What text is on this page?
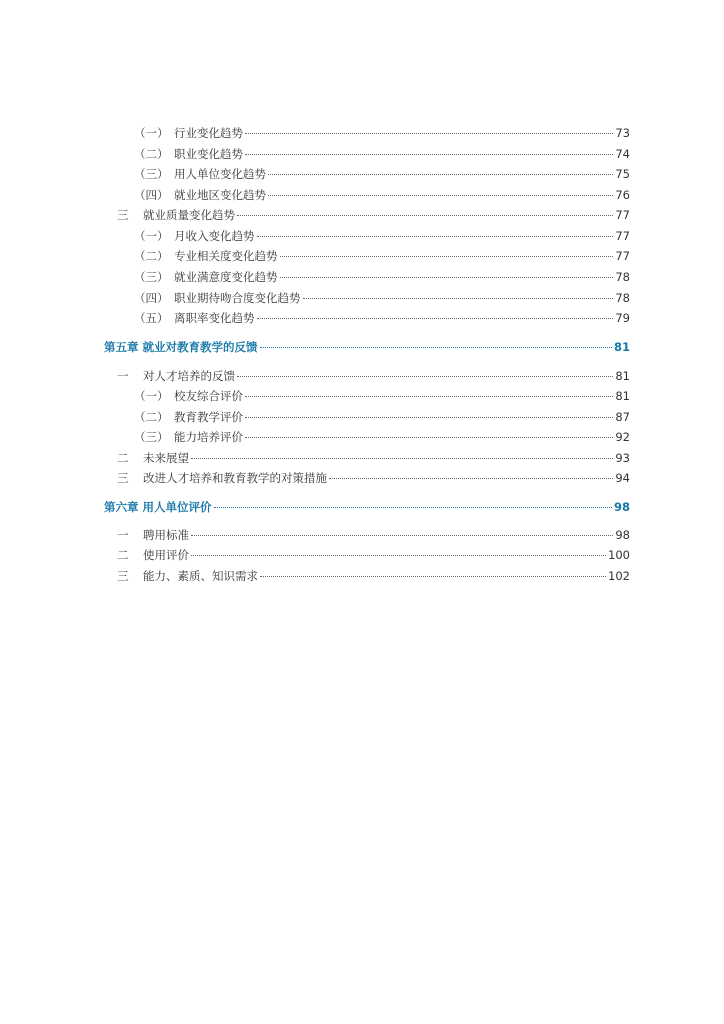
（一） 行业变化趋势	73
（二） 职业变化趋势	74
（三） 用人单位变化趋势	75
（四） 就业地区变化趋势	76
三	就业质量变化趋势	77
（一） 月收入变化趋势	77
（二） 专业相关度变化趋势	77
（三） 就业满意度变化趋势	78
（四） 职业期待吻合度变化趋势	78
（五） 离职率变化趋势	79
第五章 就业对教育教学的反馈	81
一	对人才培养的反馈	81
（一） 校友综合评价	81
（二） 教育教学评价	87
（三） 能力培养评价	92
二	未来展望	93
三	改进人才培养和教育教学的对策措施	94
第六章 用人单位评价	98
一	聘用标准	98
二	使用评价	100
三	能力、素质、知识需求	102
